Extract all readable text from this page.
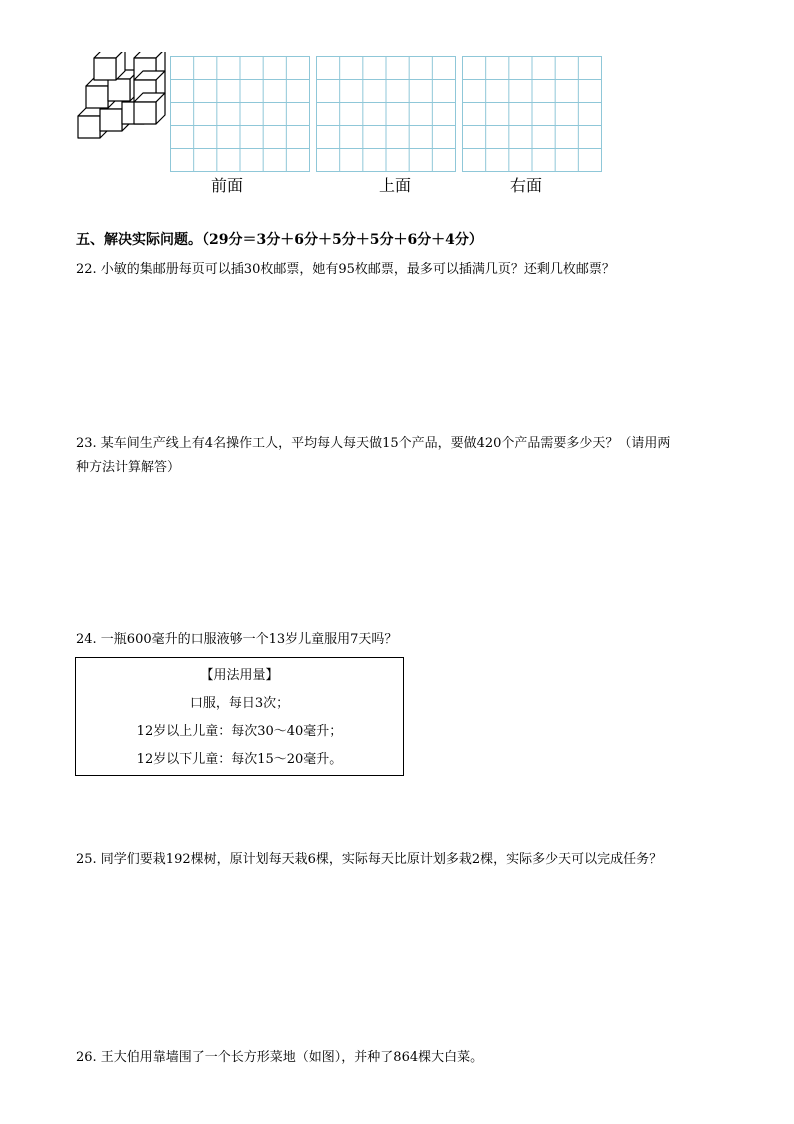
前面	上面	右面
五、解决实际问题。（29分＝3分＋6分＋5分＋5分＋6分＋4分）
22. 小敏的集邮册每页可以插30枚邮票，她有95枚邮票，最多可以插满几页？还剩几枚邮票？
23. 某车间生产线上有4名操作工人，平均每人每天做15个产品，要做420个产品需要多少天？（请用两
种方法计算解答）
24. 一瓶600毫升的口服液够一个13岁儿童服用7天吗？
【用法用量】
口服，每日3次；
12岁以上儿童：每次30～40毫升；
12岁以下儿童：每次15～20毫升。
25. 同学们要栽192棵树，原计划每天栽6棵，实际每天比原计划多栽2棵，实际多少天可以完成任务？
26. 王大伯用靠墙围了一个长方形菜地（如图），并种了864棵大白菜。
